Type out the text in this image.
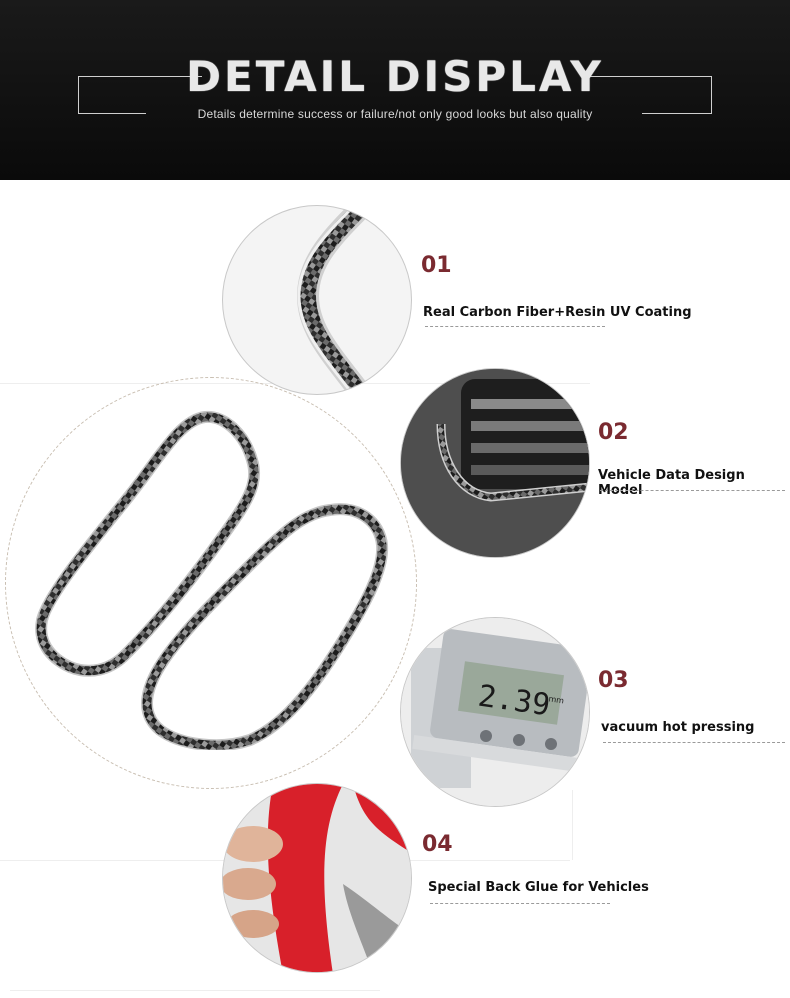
DETAIL DISPLAY
Details determine success or failure/not only good looks but also quality
01
Real Carbon Fiber+Resin UV Coating
02
Vehicle Data Design Model
2.39
mm
03
vacuum hot pressing
04
Special Back Glue for Vehicles
